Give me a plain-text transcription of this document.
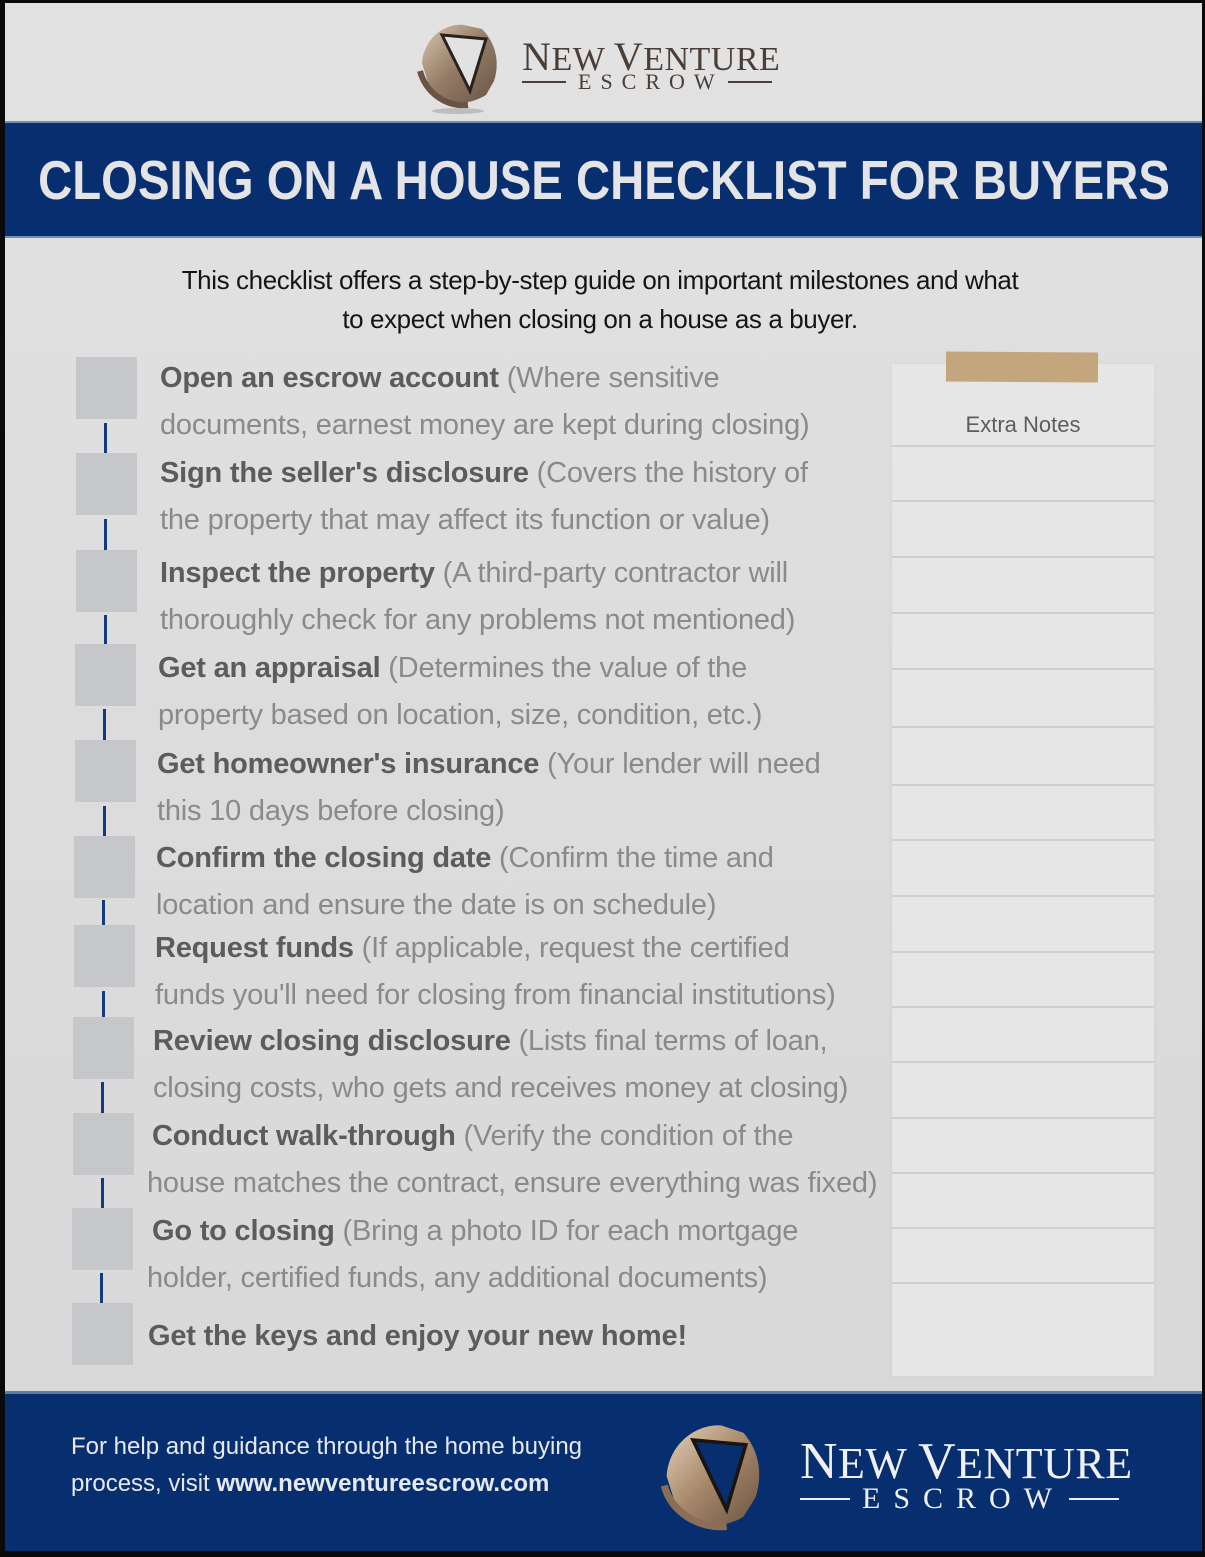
NEW VENTURE
ESCROW
CLOSING ON A HOUSE CHECKLIST FOR BUYERS
This checklist offers a step-by-step guide on important milestones and what
to expect when closing on a house as a buyer.
Open an escrow account (Where sensitive
documents, earnest money are kept during closing)
Sign the seller's disclosure (Covers the history of
the property that may affect its function or value)
Inspect the property (A third-party contractor will
thoroughly check for any problems not mentioned)
Get an appraisal (Determines the value of the
property based on location, size, condition, etc.)
Get homeowner's insurance (Your lender will need
this 10 days before closing)
Confirm the closing date (Confirm the time and
location and ensure the date is on schedule)
Request funds (If applicable, request the certified
funds you'll need for closing from financial institutions)
Review closing disclosure (Lists final terms of loan,
closing costs, who gets and receives money at closing)
Conduct walk-through (Verify the condition of the
house matches the contract, ensure everything was fixed)
Go to closing (Bring a photo ID for each mortgage
holder, certified funds, any additional documents)
Get the keys and enjoy your new home!
Extra Notes
For help and guidance through the home buying
process, visit www.newventureescrow.com	NEW VENTURE
ESCROW
